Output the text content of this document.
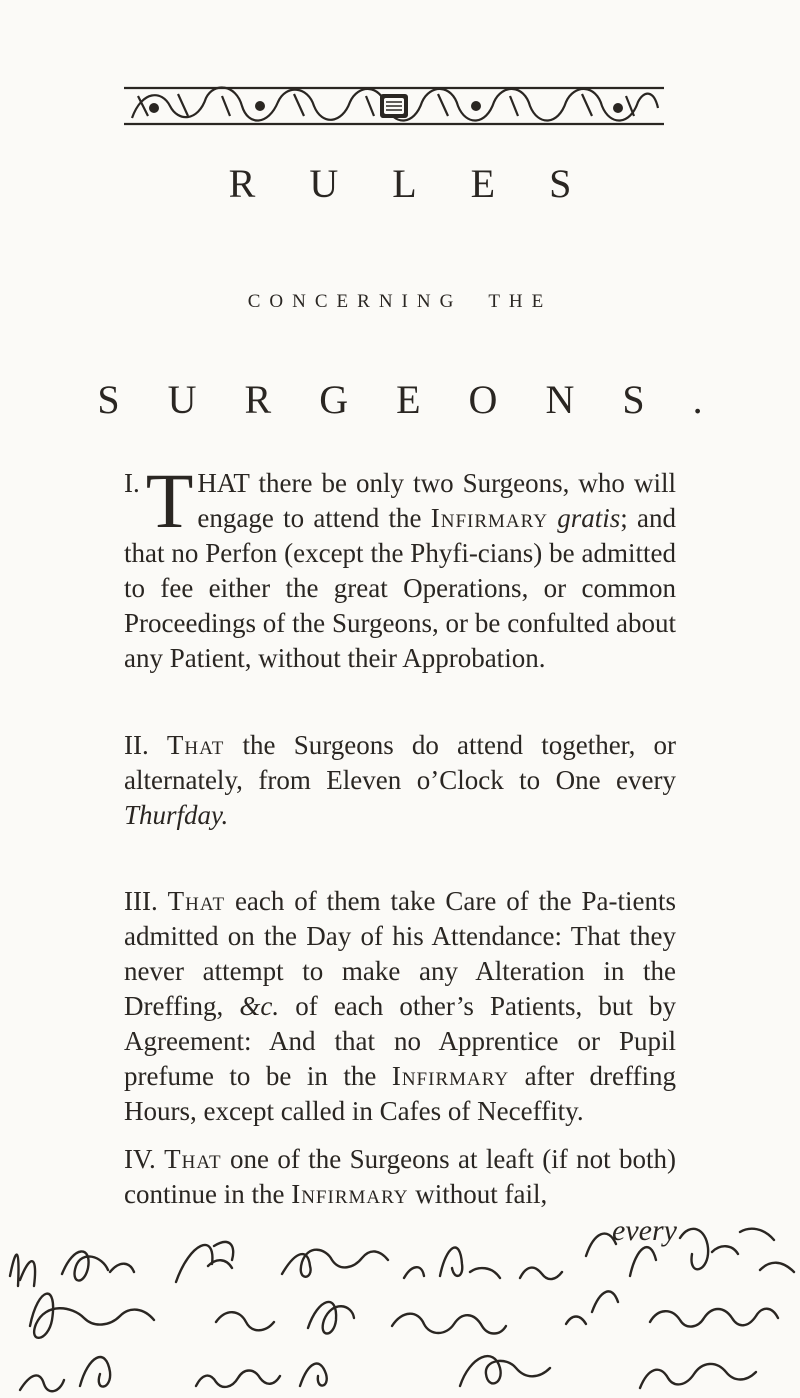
RULES
CONCERNING THE
SURGEONS.

I. T HAT there be only two Surgeons, who will engage to attend the Infirmary gratis; and that no Perfon (except the Phyfi-cians) be admitted to fee either the great Operations, or common Proceedings of the Surgeons, or be confulted about any Patient, without their Approbation.

II. That the Surgeons do attend together, or alternately, from Eleven o’Clock to One every Thurfday.

III. That each of them take Care of the Pa-tients admitted on the Day of his Attendance: That they never attempt to make any Alteration in the Dreffing, &c. of each other’s Patients, but by Agreement: And that no Apprentice or Pupil prefume to be in the Infirmary after dreffing Hours, except called in Cafes of Neceffity.

IV. That one of the Surgeons at leaft (if not both) continue in the Infirmary without fail,

every
